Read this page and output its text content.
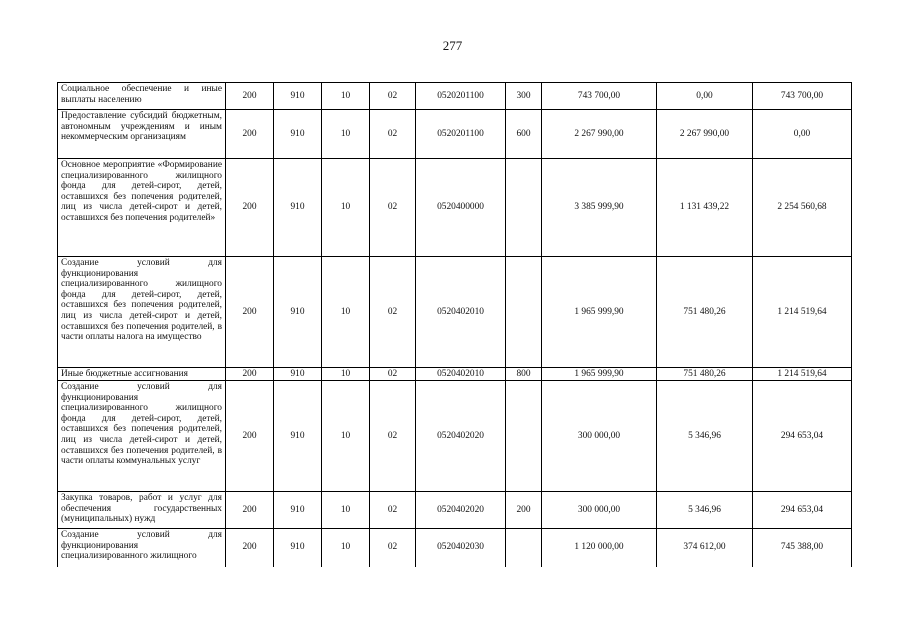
277
Социальное обеспечение и иные выплаты населению	200	910	10	02	0520201100	300	743 700,00	0,00	743 700,00
Предоставление субсидий бюджетным, автономным учреждениям и иным некоммерческим организациям	200	910	10	02	0520201100	600	2 267 990,00	2 267 990,00	0,00
Основное мероприятие «Формирование специализированного жилищного фонда для детей-сирот, детей, оставшихся без попечения родителей, лиц из числа детей-сирот и детей, оставшихся без попечения родителей»	200	910	10	02	0520400000		3 385 999,90	1 131 439,22	2 254 560,68
Создание условий для функционирования специализированного жилищного фонда для детей-сирот, детей, оставшихся без попечения родителей, лиц из числа детей-сирот и детей, оставшихся без попечения родителей, в части оплаты налога на имущество	200	910	10	02	0520402010		1 965 999,90	751 480,26	1 214 519,64
Иные бюджетные ассигнования	200	910	10	02	0520402010	800	1 965 999,90	751 480,26	1 214 519,64
Создание условий для функционирования специализированного жилищного фонда для детей-сирот, детей, оставшихся без попечения родителей, лиц из числа детей-сирот и детей, оставшихся без попечения родителей, в части оплаты коммунальных услуг	200	910	10	02	0520402020		300 000,00	5 346,96	294 653,04
Закупка товаров, работ и услуг для обеспечения государственных (муниципальных) нужд	200	910	10	02	0520402020	200	300 000,00	5 346,96	294 653,04
Создание условий для функционирования специализированного жилищного	200	910	10	02	0520402030		1 120 000,00	374 612,00	745 388,00
